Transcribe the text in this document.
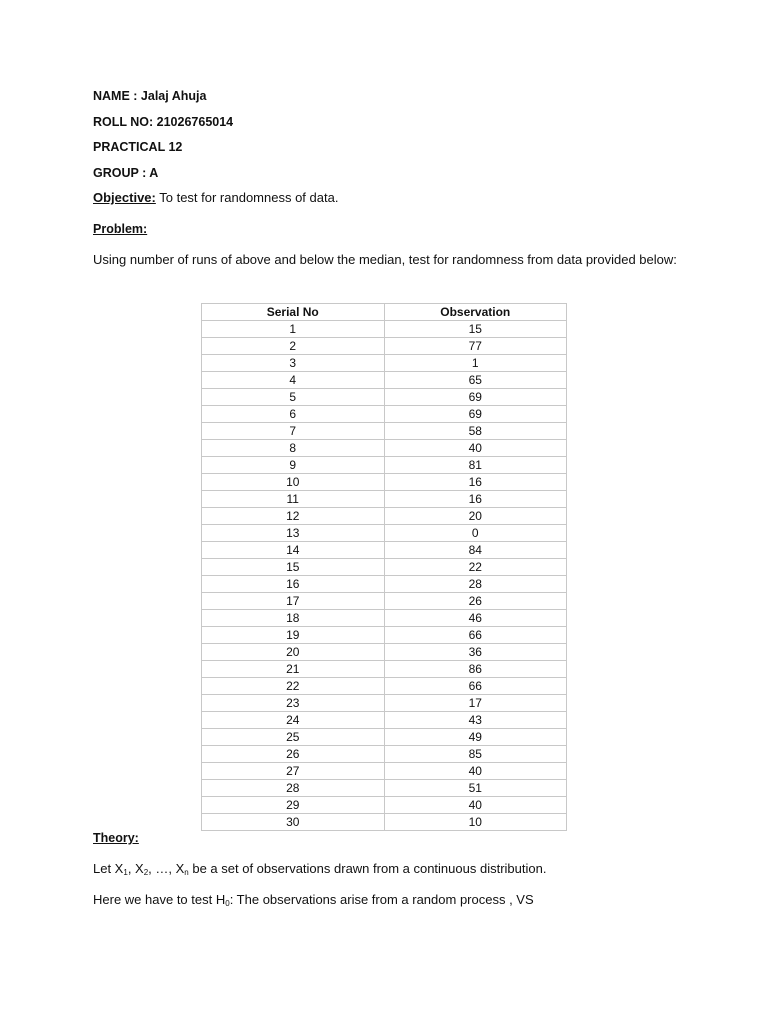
NAME : Jalaj Ahuja
ROLL NO: 21026765014
PRACTICAL 12
GROUP : A
Objective: To test for randomness of data.
Problem:
Using number of runs of above and below the median, test for randomness from data provided below:
Serial No	Observation
1	15
2	77
3	1
4	65
5	69
6	69
7	58
8	40
9	81
10	16
11	16
12	20
13	0
14	84
15	22
16	28
17	26
18	46
19	66
20	36
21	86
22	66
23	17
24	43
25	49
26	85
27	40
28	51
29	40
30	10
Theory:
Let $X_1$, $X_2$, …, $X_n$ be a set of observations drawn from a continuous distribution.
Here we have to test $H_0$: The observations arise from a random process , VS
